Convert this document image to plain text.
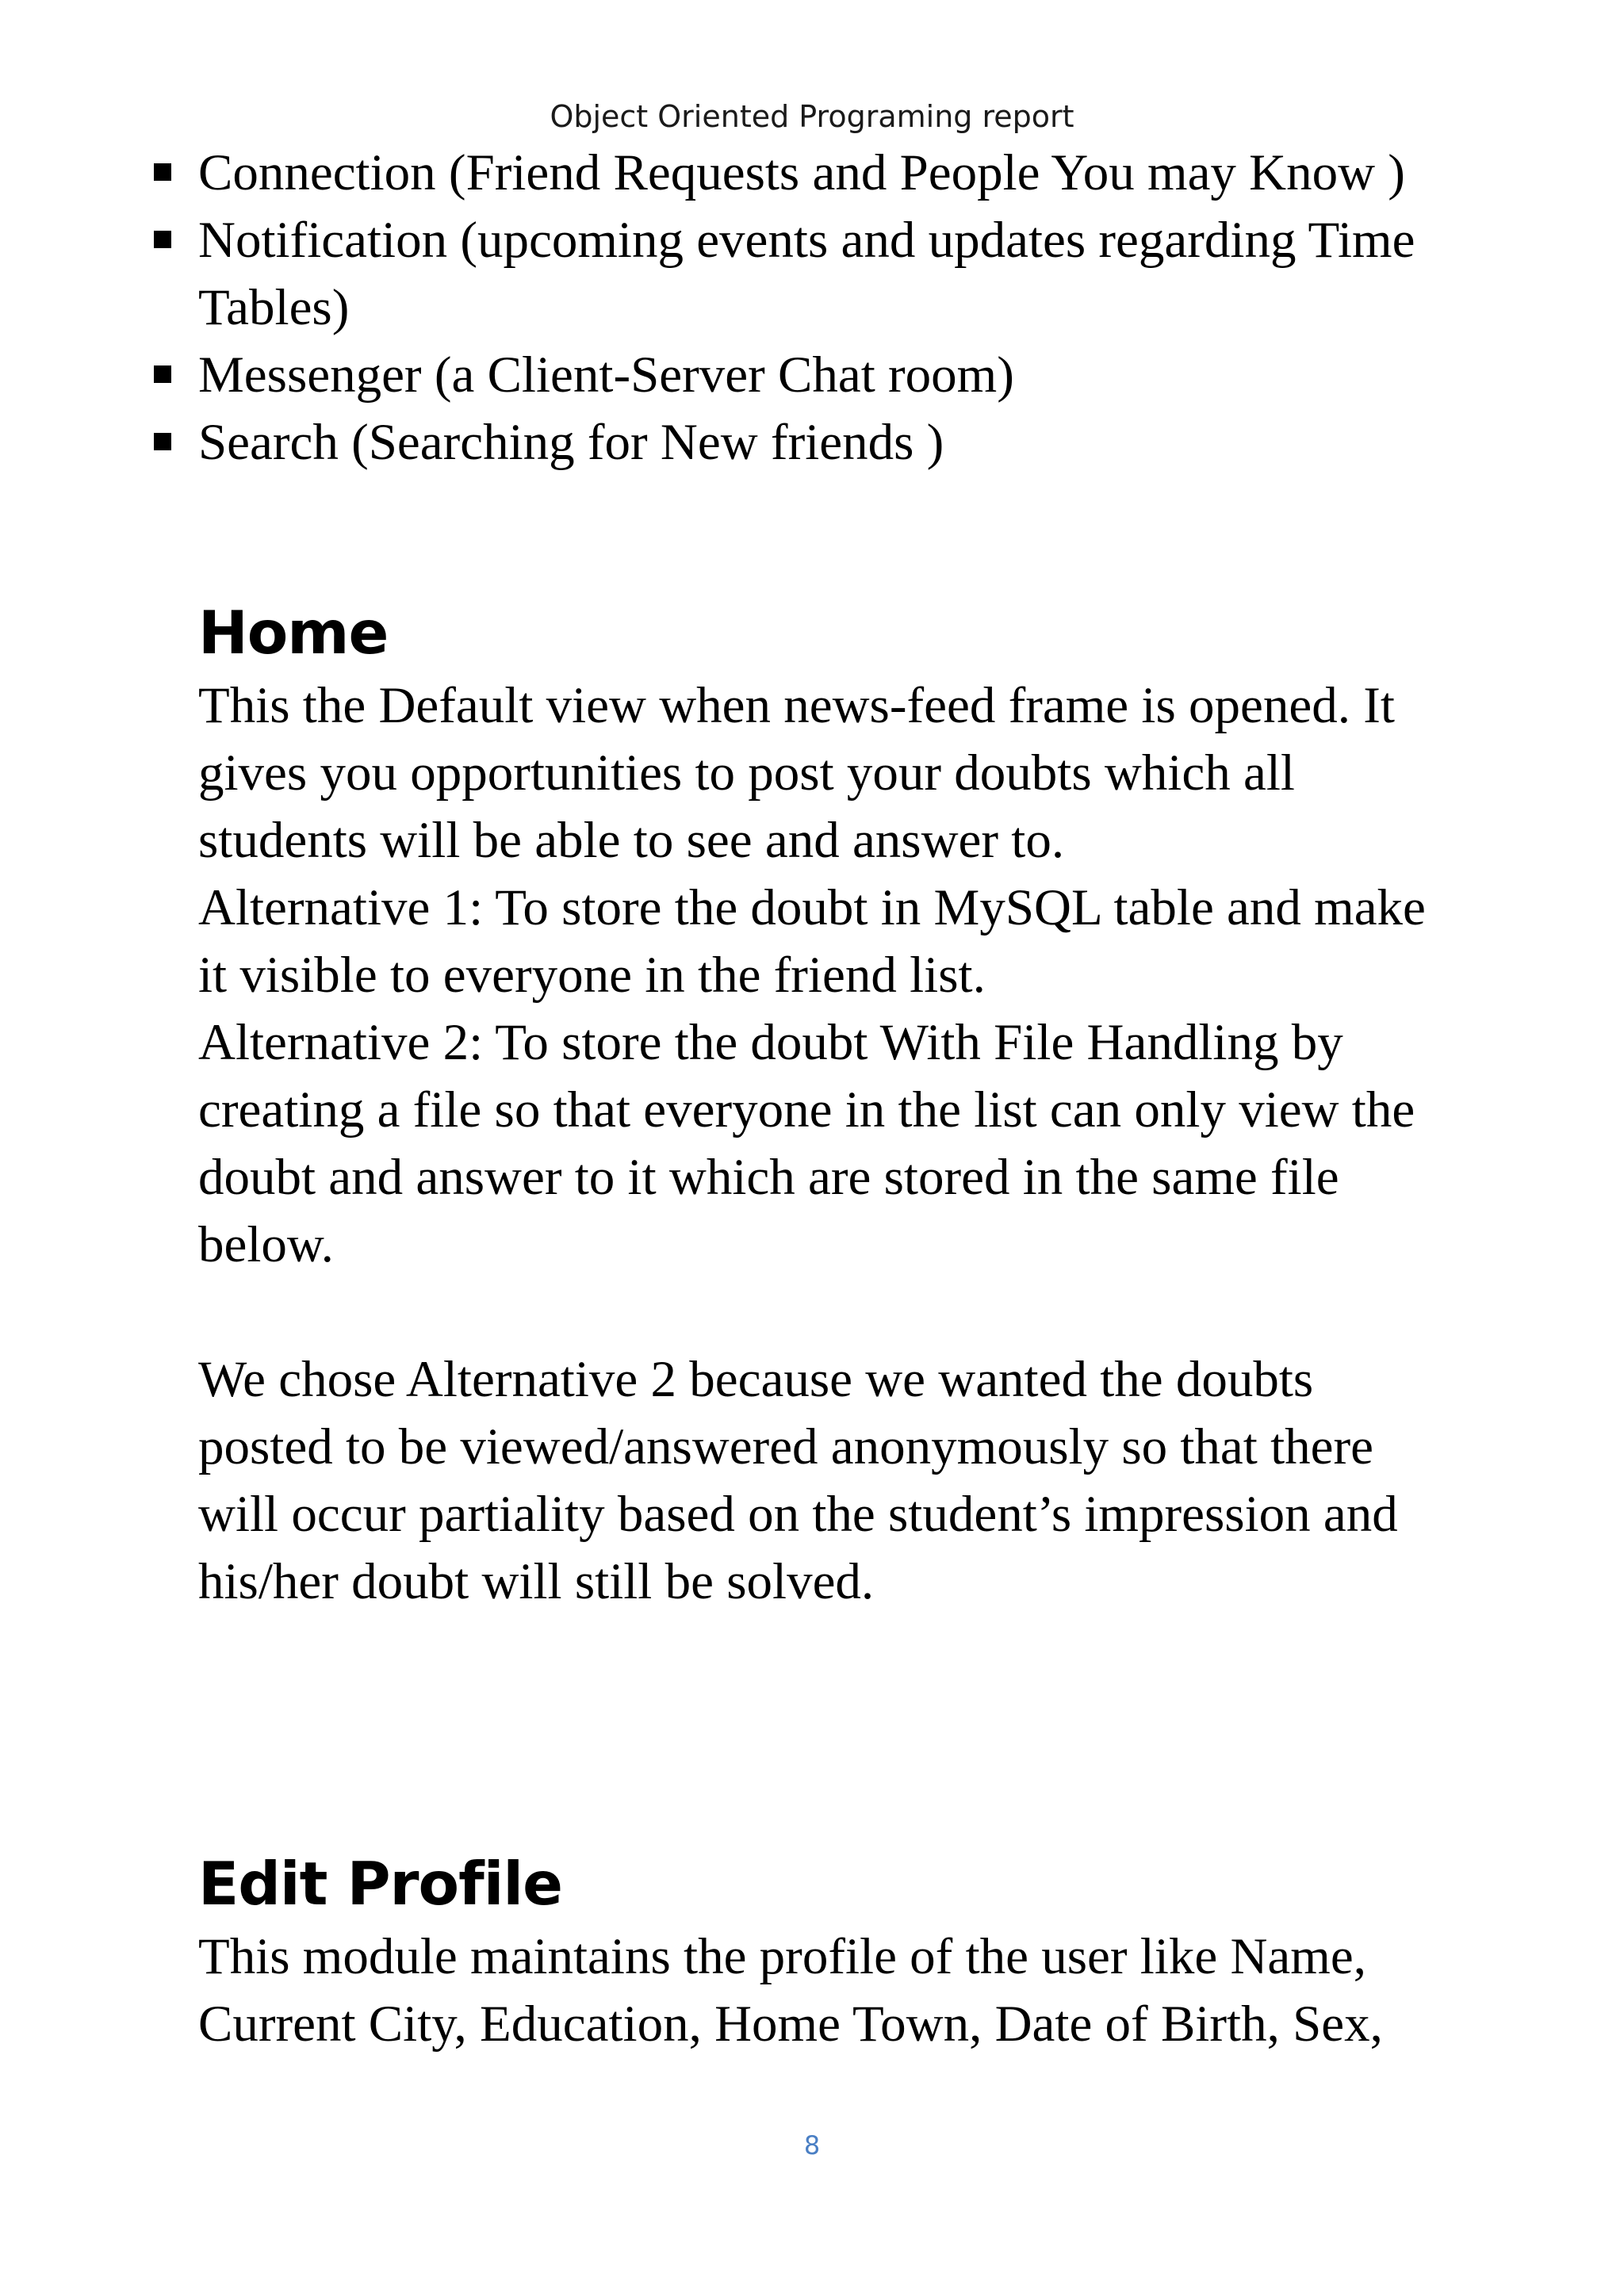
Object Oriented Programing report
Connection (Friend Requests and People You may Know )
Notification (upcoming events and updates regarding Time
Tables)
Messenger (a Client-Server Chat room)
Search (Searching for New friends )
Home

This the Default view when news-feed frame is opened. It
gives you opportunities to post your doubts which all
students will be able to see and answer to.
Alternative 1: To store the doubt in MySQL table and make
it visible to everyone in the friend list.
Alternative 2: To store the doubt With File Handling by
creating a file so that everyone in the list can only view the
doubt and answer to it which are stored in the same file
below.

We chose Alternative 2 because we wanted the doubts
posted to be viewed/answered anonymously so that there
will occur partiality based on the student’s impression and
his/her doubt will still be solved.

Edit Profile

This module maintains the profile of the user like Name,
Current City, Education, Home Town, Date of Birth, Sex,

8
